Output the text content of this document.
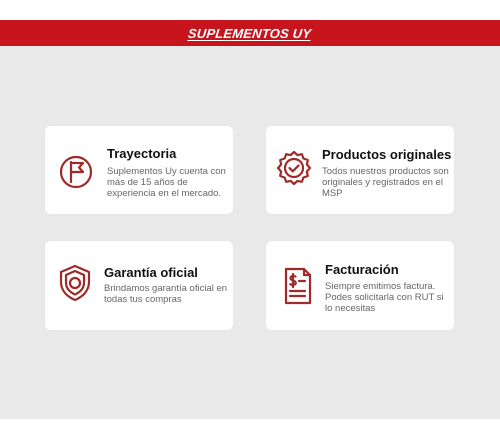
SUPLEMENTOS UY
Trayectoria
Suplementos Uy cuenta con más de 15 años de experiencia en el mercado.
Productos originales
Todos nuestros productos son originales y registrados en el MSP
Garantía oficial
Brindamos garantía oficial en todas tus compras
Facturación
Siempre emitimos factura. Podes solicitarla con RUT si lo necesitas
